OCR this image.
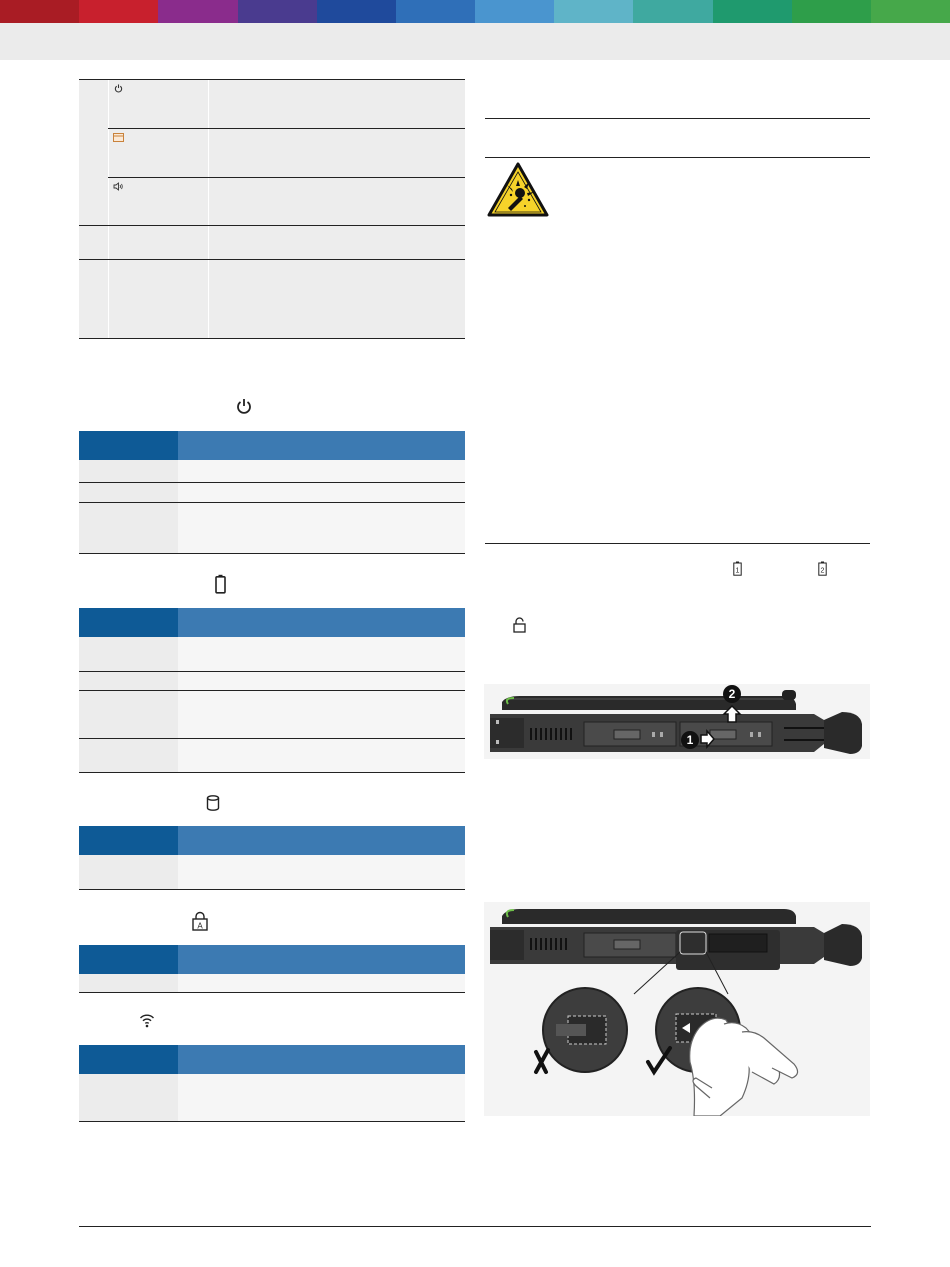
A
1	2
1
2
